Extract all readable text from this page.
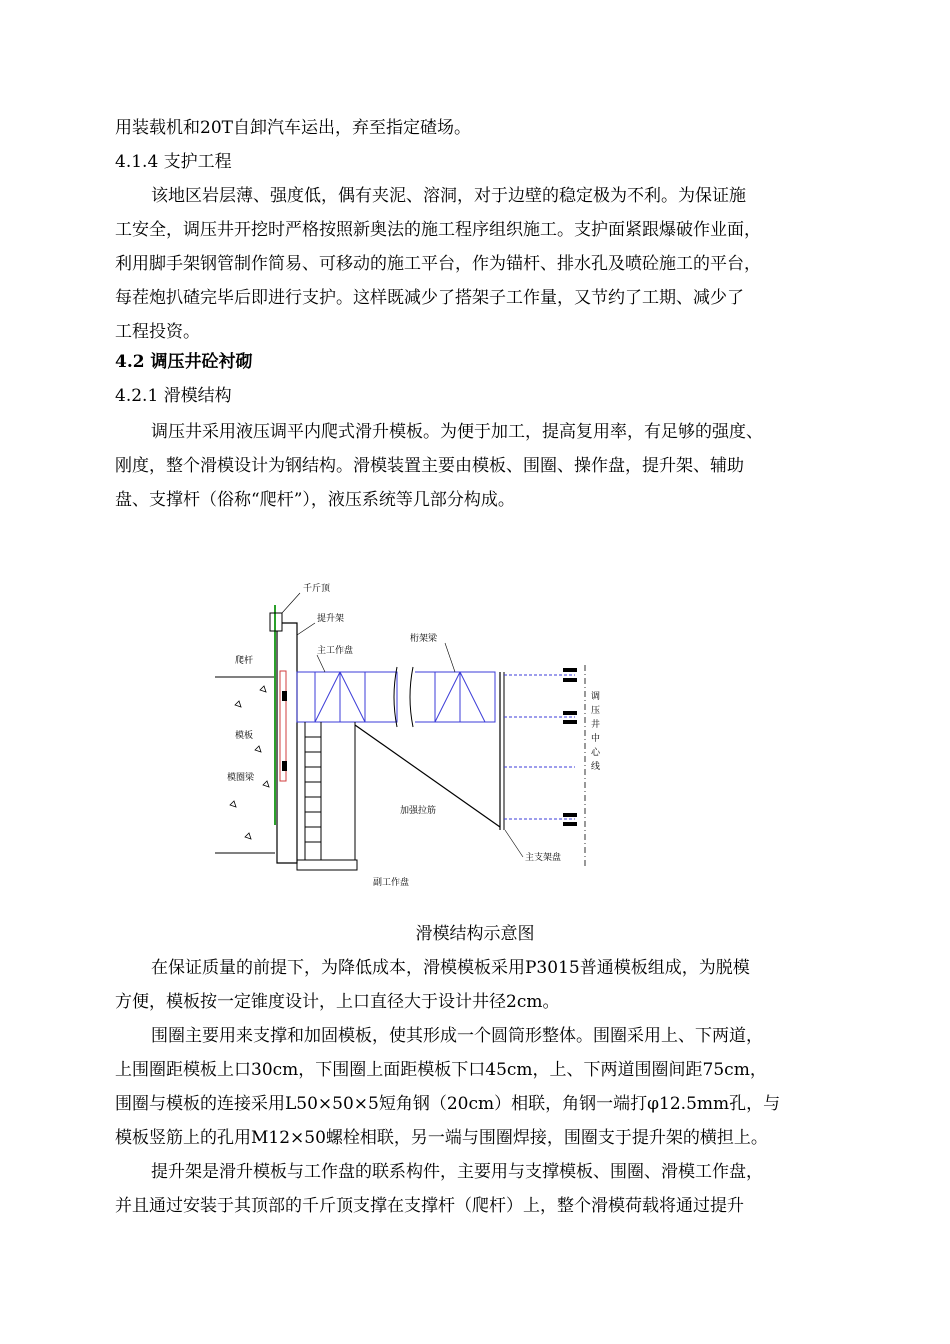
用装载机和20T自卸汽车运出，弃至指定碴场。
4.1.4 支护工程
该地区岩层薄、强度低，偶有夹泥、溶洞，对于边壁的稳定极为不利。为保证施
工安全，调压井开挖时严格按照新奥法的施工程序组织施工。支护面紧跟爆破作业面，
利用脚手架钢管制作简易、可移动的施工平台，作为锚杆、排水孔及喷砼施工的平台，
每茬炮扒碴完毕后即进行支护。这样既减少了搭架子工作量，又节约了工期、减少了
工程投资。
4.2 调压井砼衬砌
4.2.1 滑模结构
调压井采用液压调平内爬式滑升模板。为便于加工，提高复用率，有足够的强度、
刚度，整个滑模设计为钢结构。滑模装置主要由模板、围圈、操作盘，提升架、辅助
盘、支撑杆（俗称“爬杆”），液压系统等几部分构成。
千斤顶
提升架
爬杆
主工作盘
桁架梁
模板
模圈梁
加强拉筋
主支架盘
副工作盘
调
压
井
中
心
线
滑模结构示意图
在保证质量的前提下，为降低成本，滑模模板采用P3015普通模板组成，为脱模
方便，模板按一定锥度设计，上口直径大于设计井径2cm。
围圈主要用来支撑和加固模板，使其形成一个圆筒形整体。围圈采用上、下两道，
上围圈距模板上口30cm，下围圈上面距模板下口45cm，上、下两道围圈间距75cm，
围圈与模板的连接采用L50×50×5短角钢（20cm）相联，角钢一端打φ12.5mm孔，与
模板竖筋上的孔用M12×50螺栓相联，另一端与围圈焊接，围圈支于提升架的横担上。
提升架是滑升模板与工作盘的联系构件，主要用与支撑模板、围圈、滑模工作盘，
并且通过安装于其顶部的千斤顶支撑在支撑杆（爬杆）上，整个滑模荷载将通过提升
